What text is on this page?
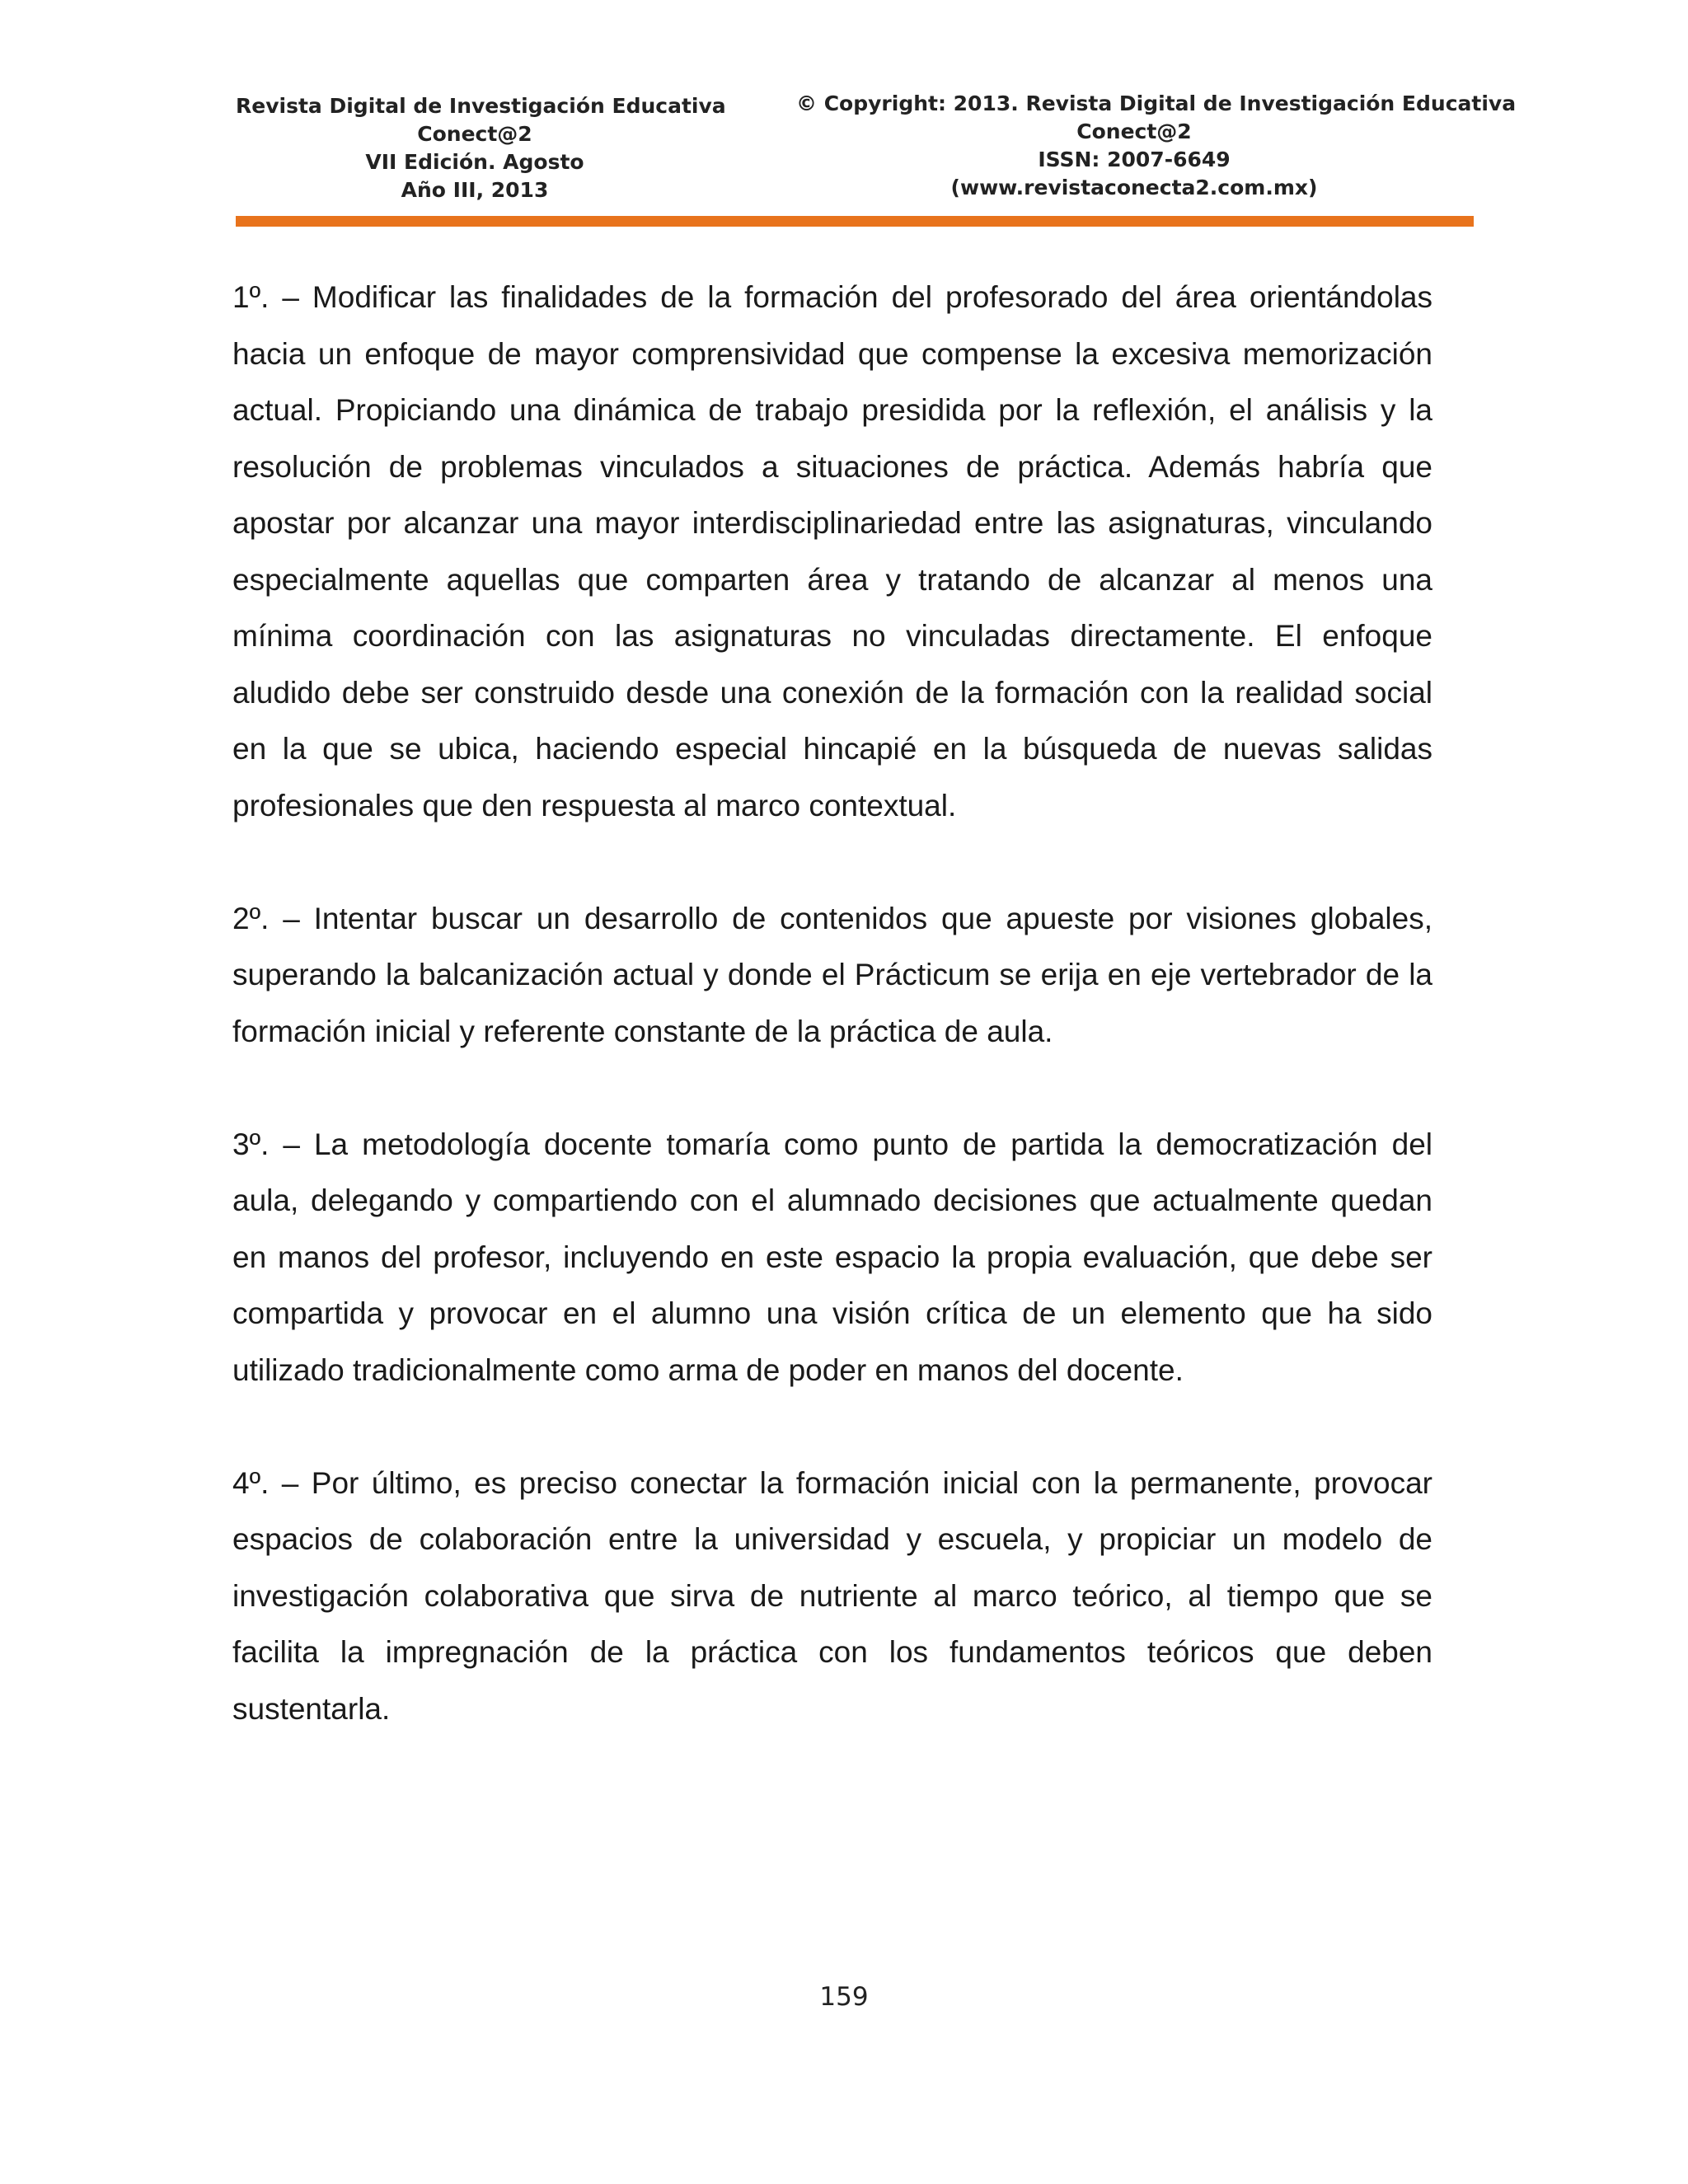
Revista Digital de Investigación Educativa
Conect@2
VII Edición. Agosto
Año III, 2013
© Copyright: 2013. Revista Digital de Investigación Educativa
Conect@2
ISSN: 2007-6649
(www.revistaconecta2.com.mx)

1º. – Modificar las finalidades de la formación del profesorado del área orientándolas hacia un enfoque de mayor comprensividad que compense la excesiva memorización actual. Propiciando una dinámica de trabajo presidida por la reflexión, el análisis y la resolución de problemas vinculados a situaciones de práctica. Además habría que apostar por alcanzar una mayor interdisciplinariedad entre las asignaturas, vinculando especialmente aquellas que comparten área y tratando de alcanzar al menos una mínima coordinación con las asignaturas no vinculadas directamente. El enfoque aludido debe ser construido desde una conexión de la formación con la realidad social en la que se ubica, haciendo especial hincapié en la búsqueda de nuevas salidas profesionales que den respuesta al marco contextual.

2º. – Intentar buscar un desarrollo de contenidos que apueste por visiones globales, superando la balcanización actual y donde el Prácticum se erija en eje vertebrador de la formación inicial y referente constante de la práctica de aula.

3º. – La metodología docente tomaría como punto de partida la democratización del aula, delegando y compartiendo con el alumnado decisiones que actualmente quedan en manos del profesor, incluyendo en este espacio la propia evaluación, que debe ser compartida y provocar en el alumno una visión crítica de un elemento que ha sido utilizado tradicionalmente como arma de poder en manos del docente.

4º. – Por último, es preciso conectar la formación inicial con la permanente, provocar espacios de colaboración entre la universidad y escuela, y propiciar un modelo de investigación colaborativa que sirva de nutriente al marco teórico, al tiempo que se facilita la impregnación de la práctica con los fundamentos teóricos que deben sustentarla.

159
